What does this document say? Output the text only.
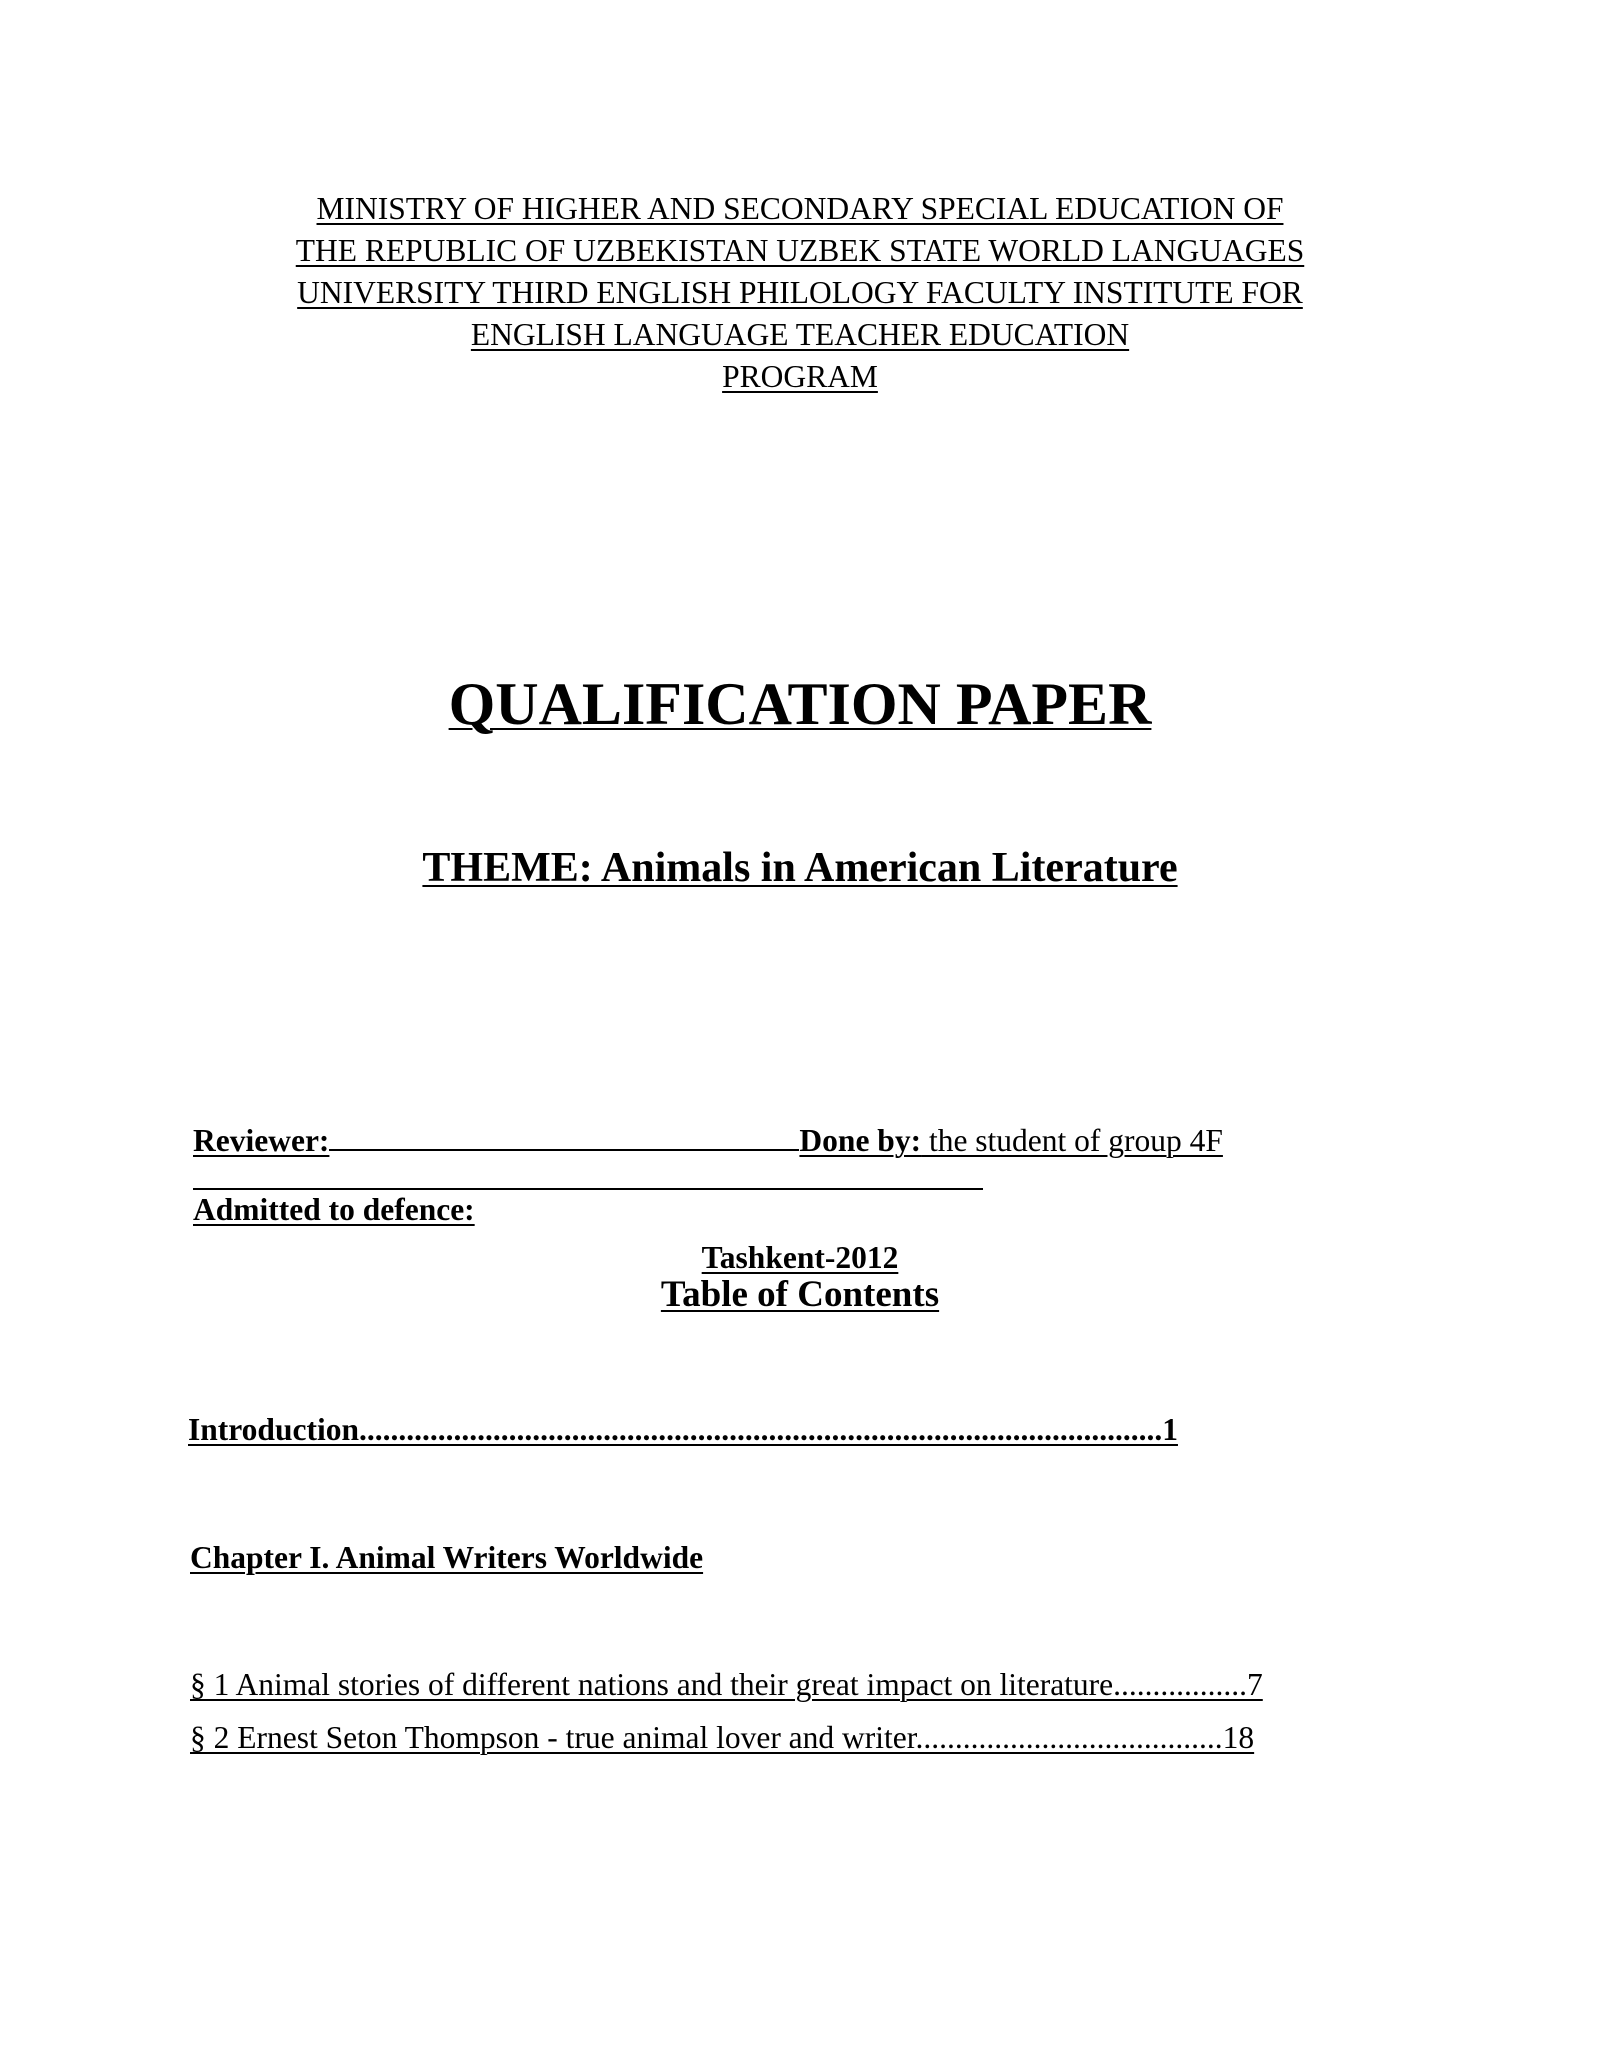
MINISTRY OF HIGHER AND SECONDARY SPECIAL EDUCATION OF
THE REPUBLIC OF UZBEKISTAN UZBEK STATE WORLD LANGUAGES
UNIVERSITY THIRD ENGLISH PHILOLOGY FACULTY INSTITUTE FOR
ENGLISH LANGUAGE TEACHER EDUCATION
PROGRAM
QUALIFICATION PAPER
THEME: Animals in American Literature
Reviewer:	Done by: the student of group 4F
Admitted to defence:
Tashkent-2012
Table of Contents
Introduction......................................................................................................1
Chapter I. Animal Writers Worldwide
§ 1 Animal stories of different nations and their great impact on literature.................7
§ 2 Ernest Seton Thompson - true animal lover and writer.......................................18
